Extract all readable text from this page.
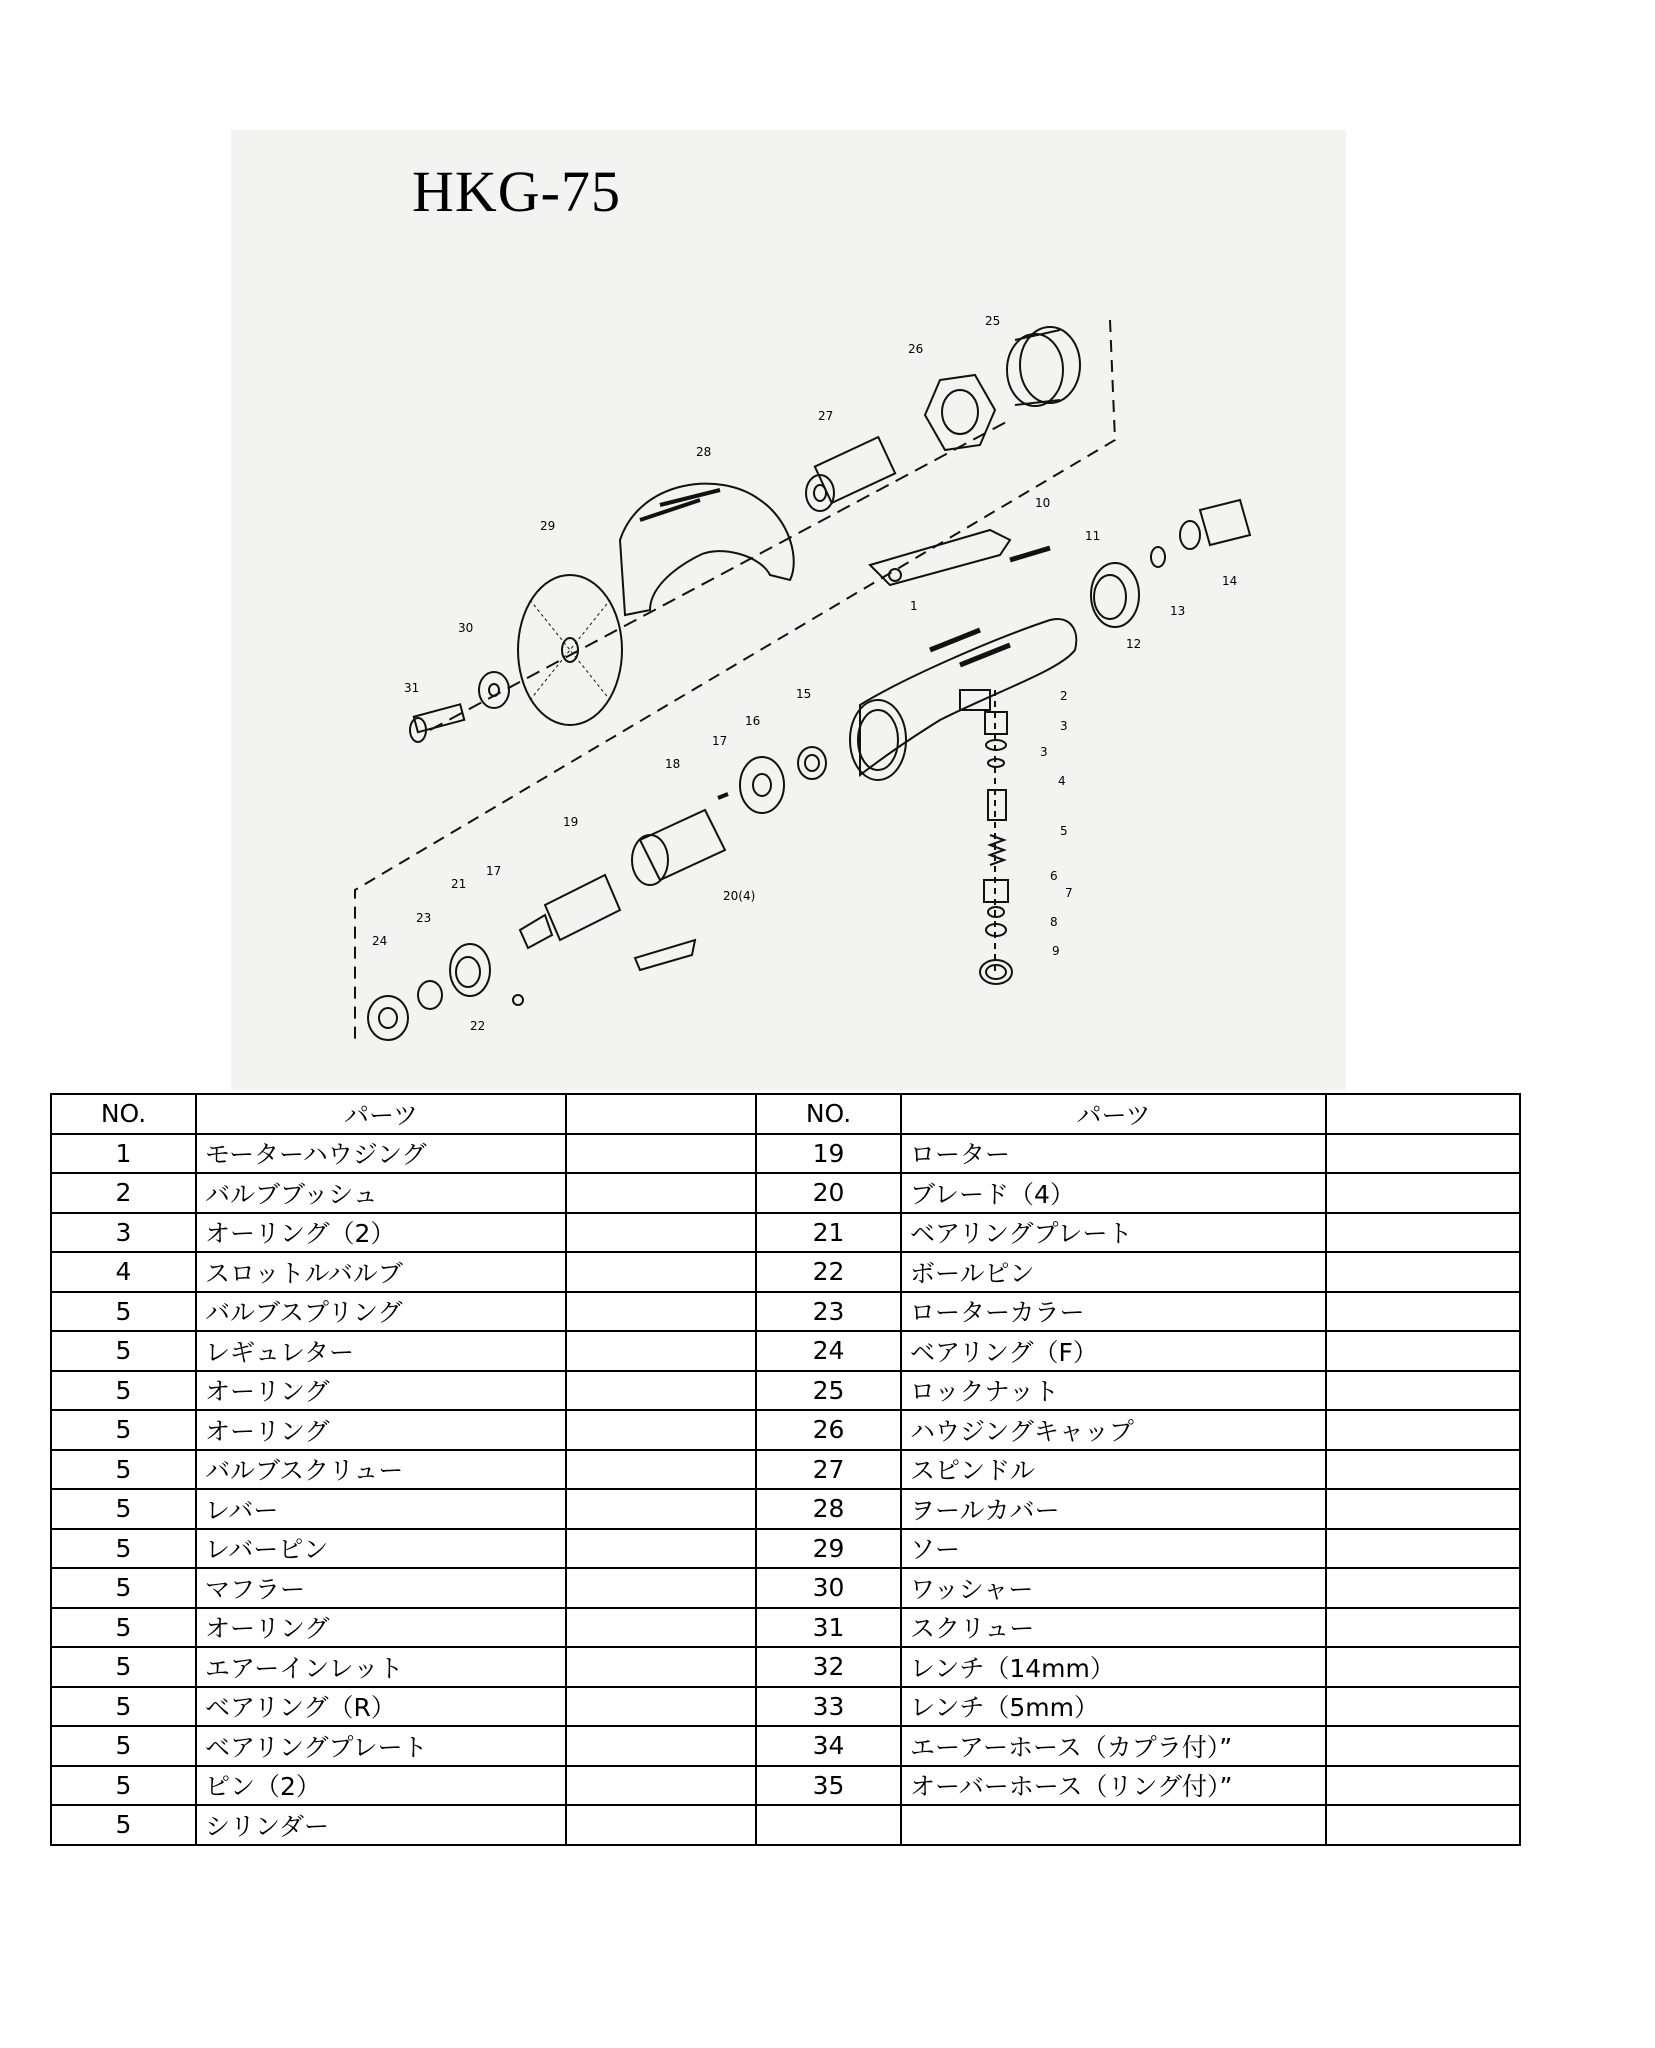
25
26
27
28
10
11
29
1	13
14
12
30
31
2
3
3
4
15
16
17
18
5
19
20(4)
6
7
8
9
17
21
23
24
22
HKG-75
NO.	パーツ		NO.	パーツ	
1	モーターハウジング		19	ローター	
2	バルブブッシュ		20	ブレード（4）	
3	オーリング（2）		21	ベアリングプレート	
4	スロットルバルブ		22	ボールピン	
5	バルブスプリング		23	ローターカラー	
5	レギュレター		24	ベアリング（F）	
5	オーリング		25	ロックナット	
5	オーリング		26	ハウジングキャップ	
5	バルブスクリュー		27	スピンドル	
5	レバー		28	ヲールカバー	
5	レバーピン		29	ソー	
5	マフラー		30	ワッシャー	
5	オーリング		31	スクリュー	
5	エアーインレット		32	レンチ（14mm）	
5	ベアリング（R）		33	レンチ（5mm）	
5	ベアリングプレート		34	エーアーホース（カプラ付）”	
5	ピン（2）		35	オーバーホース（リング付）”	
5	シリンダー				
